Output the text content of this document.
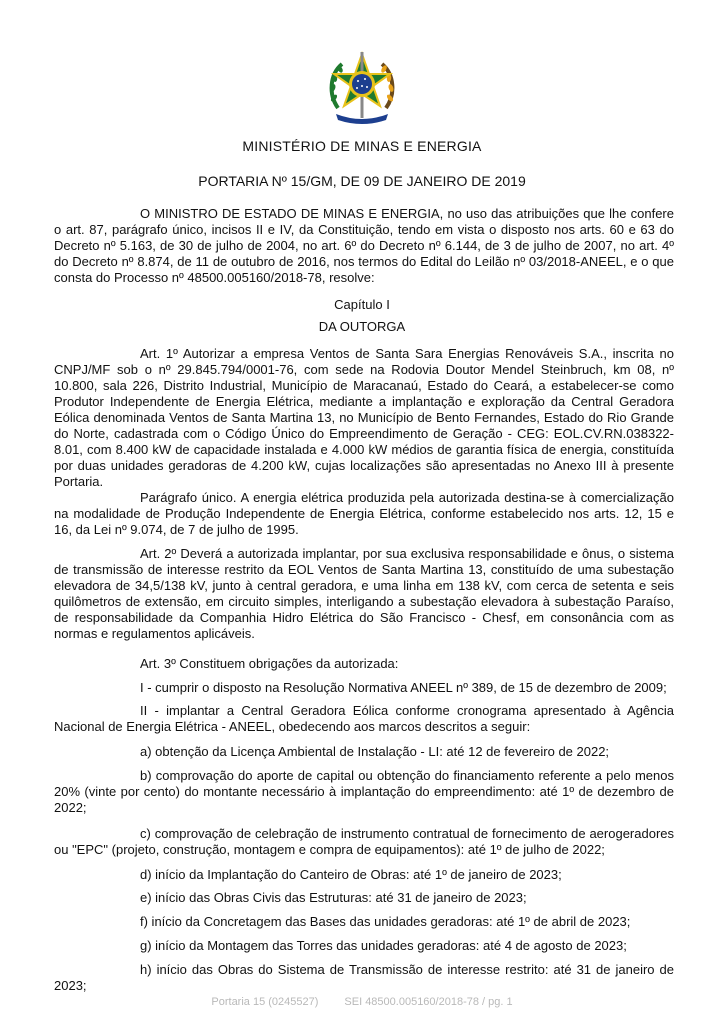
MINISTÉRIO DE MINAS E ENERGIA
PORTARIA Nº 15/GM, DE 09 DE JANEIRO DE 2019

O MINISTRO DE ESTADO DE MINAS E ENERGIA, no uso das atribuições que lhe confere o art. 87, parágrafo único, incisos II e IV, da Constituição, tendo em vista o disposto nos arts. 60 e 63 do Decreto nº 5.163, de 30 de julho de 2004, no art. 6º do Decreto nº 6.144, de 3 de julho de 2007, no art. 4º do Decreto nº 8.874, de 11 de outubro de 2016, nos termos do Edital do Leilão nº 03/2018-ANEEL, e o que consta do Processo nº 48500.005160/2018-78, resolve:

Capítulo I
DA OUTORGA

Art. 1º Autorizar a empresa Ventos de Santa Sara Energias Renováveis S.A., inscrita no CNPJ/MF sob o nº 29.845.794/0001-76, com sede na Rodovia Doutor Mendel Steinbruch, km 08, nº 10.800, sala 226, Distrito Industrial, Município de Maracanaú, Estado do Ceará, a estabelecer-se como Produtor Independente de Energia Elétrica, mediante a implantação e exploração da Central Geradora Eólica denominada Ventos de Santa Martina 13, no Município de Bento Fernandes, Estado do Rio Grande do Norte, cadastrada com o Código Único do Empreendimento de Geração - CEG: EOL.CV.RN.038322-8.01, com 8.400 kW de capacidade instalada e 4.000 kW médios de garantia física de energia, constituída por duas unidades geradoras de 4.200 kW, cujas localizações são apresentadas no Anexo III à presente Portaria.

Parágrafo único. A energia elétrica produzida pela autorizada destina-se à comercialização na modalidade de Produção Independente de Energia Elétrica, conforme estabelecido nos arts. 12, 15 e 16, da Lei nº 9.074, de 7 de julho de 1995.

Art. 2º Deverá a autorizada implantar, por sua exclusiva responsabilidade e ônus, o sistema de transmissão de interesse restrito da EOL Ventos de Santa Martina 13, constituído de uma subestação elevadora de 34,5/138 kV, junto à central geradora, e uma linha em 138 kV, com cerca de setenta e seis quilômetros de extensão, em circuito simples, interligando a subestação elevadora à subestação Paraíso, de responsabilidade da Companhia Hidro Elétrica do São Francisco - Chesf, em consonância com as normas e regulamentos aplicáveis.

Art. 3º Constituem obrigações da autorizada:

I - cumprir o disposto na Resolução Normativa ANEEL nº 389, de 15 de dezembro de 2009;

II - implantar a Central Geradora Eólica conforme cronograma apresentado à Agência Nacional de Energia Elétrica - ANEEL, obedecendo aos marcos descritos a seguir:

a) obtenção da Licença Ambiental de Instalação - LI: até 12 de fevereiro de 2022;

b) comprovação do aporte de capital ou obtenção do financiamento referente a pelo menos 20% (vinte por cento) do montante necessário à implantação do empreendimento: até 1º de dezembro de 2022;

c) comprovação de celebração de instrumento contratual de fornecimento de aerogeradores ou "EPC" (projeto, construção, montagem e compra de equipamentos): até 1º de julho de 2022;

d) início da Implantação do Canteiro de Obras: até 1º de janeiro de 2023;

e) início das Obras Civis das Estruturas: até 31 de janeiro de 2023;

f) início da Concretagem das Bases das unidades geradoras: até 1º de abril de 2023;

g) início da Montagem das Torres das unidades geradoras: até 4 de agosto de 2023;

h) início das Obras do Sistema de Transmissão de interesse restrito: até 31 de janeiro de 2023;

Portaria 15 (0245527) SEI 48500.005160/2018-78 / pg. 1
